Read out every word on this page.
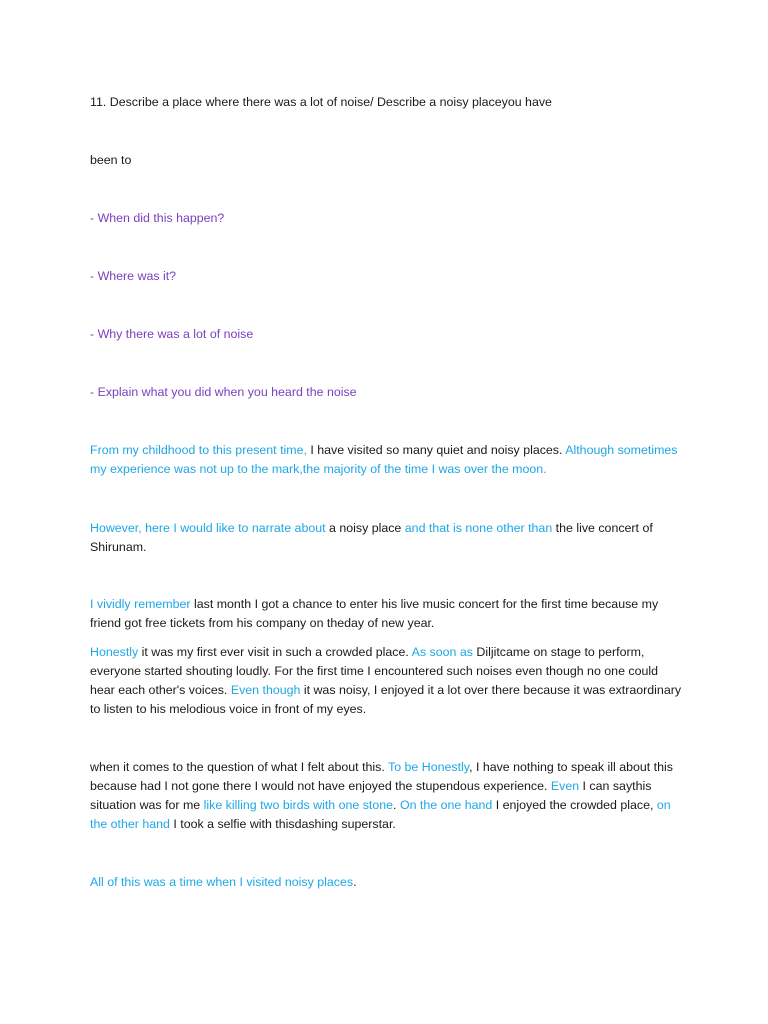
11. Describe a place where there was a lot of noise/ Describe a noisy placeyou have

been to

- When did this happen?

- Where was it?

- Why there was a lot of noise

- Explain what you did when you heard the noise

From my childhood to this present time, I have visited so many quiet and noisy places. Although sometimes my experience was not up to the mark,the majority of the time I was over the moon.

However, here I would like to narrate about a noisy place and that is none other than the live concert of Shirunam.

I vividly remember last month I got a chance to enter his live music concert for the first time because my friend got free tickets from his company on theday of new year.

Honestly it was my first ever visit in such a crowded place. As soon as Diljitcame on stage to perform, everyone started shouting loudly. For the first time I encountered such noises even though no one could hear each other's voices. Even though it was noisy, I enjoyed it a lot over there because it was extraordinary to listen to his melodious voice in front of my eyes.

when it comes to the question of what I felt about this. To be Honestly, I have nothing to speak ill about this because had I not gone there I would not have enjoyed the stupendous experience. Even I can saythis situation was for me like killing two birds with one stone. On the one hand I enjoyed the crowded place, on the other hand I took a selfie with thisdashing superstar.

All of this was a time when I visited noisy places.
